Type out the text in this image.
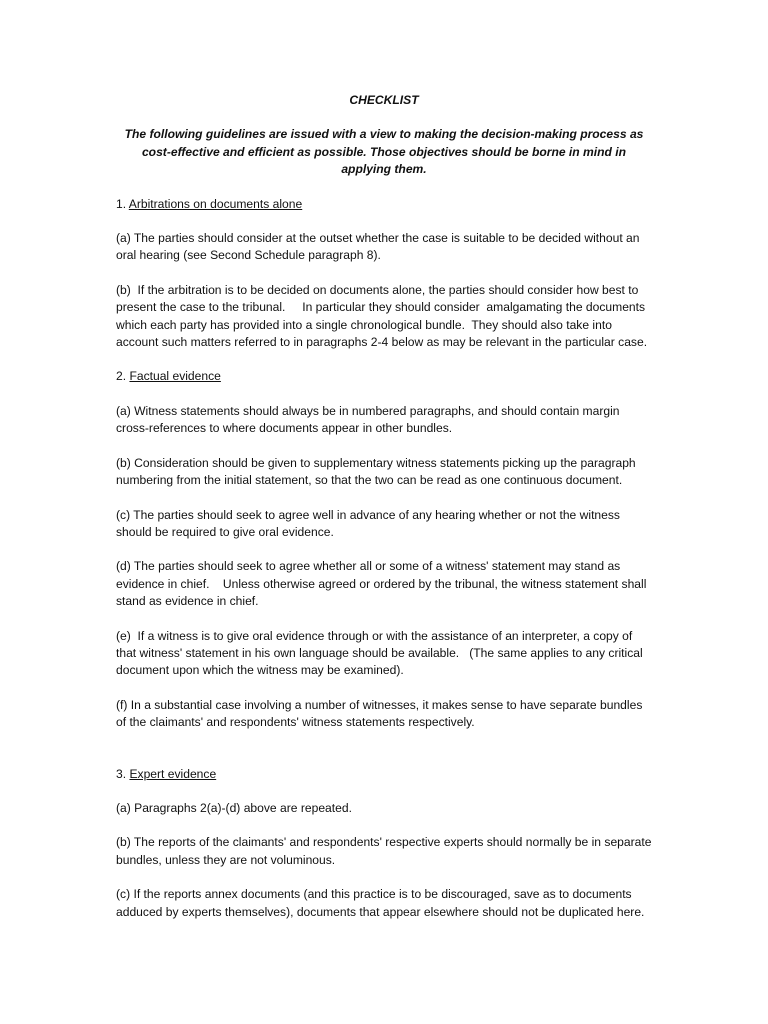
CHECKLIST
The following guidelines are issued with a view to making the decision-making process as cost-effective and efficient as possible. Those objectives should be borne in mind in applying them.
1. Arbitrations on documents alone
(a) The parties should consider at the outset whether the case is suitable to be decided without an oral hearing (see Second Schedule paragraph 8).
(b)  If the arbitration is to be decided on documents alone, the parties should consider how best to present the case to the tribunal.     In particular they should consider  amalgamating the documents which each party has provided into a single chronological bundle.  They should also take into account such matters referred to in paragraphs 2-4 below as may be relevant in the particular case.
2. Factual evidence
(a) Witness statements should always be in numbered paragraphs, and should contain margin cross-references to where documents appear in other bundles.
(b) Consideration should be given to supplementary witness statements picking up the paragraph numbering from the initial statement, so that the two can be read as one continuous document.
(c) The parties should seek to agree well in advance of any hearing whether or not the witness should be required to give oral evidence.
(d) The parties should seek to agree whether all or some of a witness' statement may stand as evidence in chief.    Unless otherwise agreed or ordered by the tribunal, the witness statement shall stand as evidence in chief.
(e)  If a witness is to give oral evidence through or with the assistance of an interpreter, a copy of that witness' statement in his own language should be available.   (The same applies to any critical document upon which the witness may be examined).
(f) In a substantial case involving a number of witnesses, it makes sense to have separate bundles of the claimants' and respondents' witness statements respectively.
3. Expert evidence
(a) Paragraphs 2(a)-(d) above are repeated.
(b) The reports of the claimants' and respondents' respective experts should normally be in separate bundles, unless they are not voluminous.
(c) If the reports annex documents (and this practice is to be discouraged, save as to documents adduced by experts themselves), documents that appear elsewhere should not be duplicated here.
